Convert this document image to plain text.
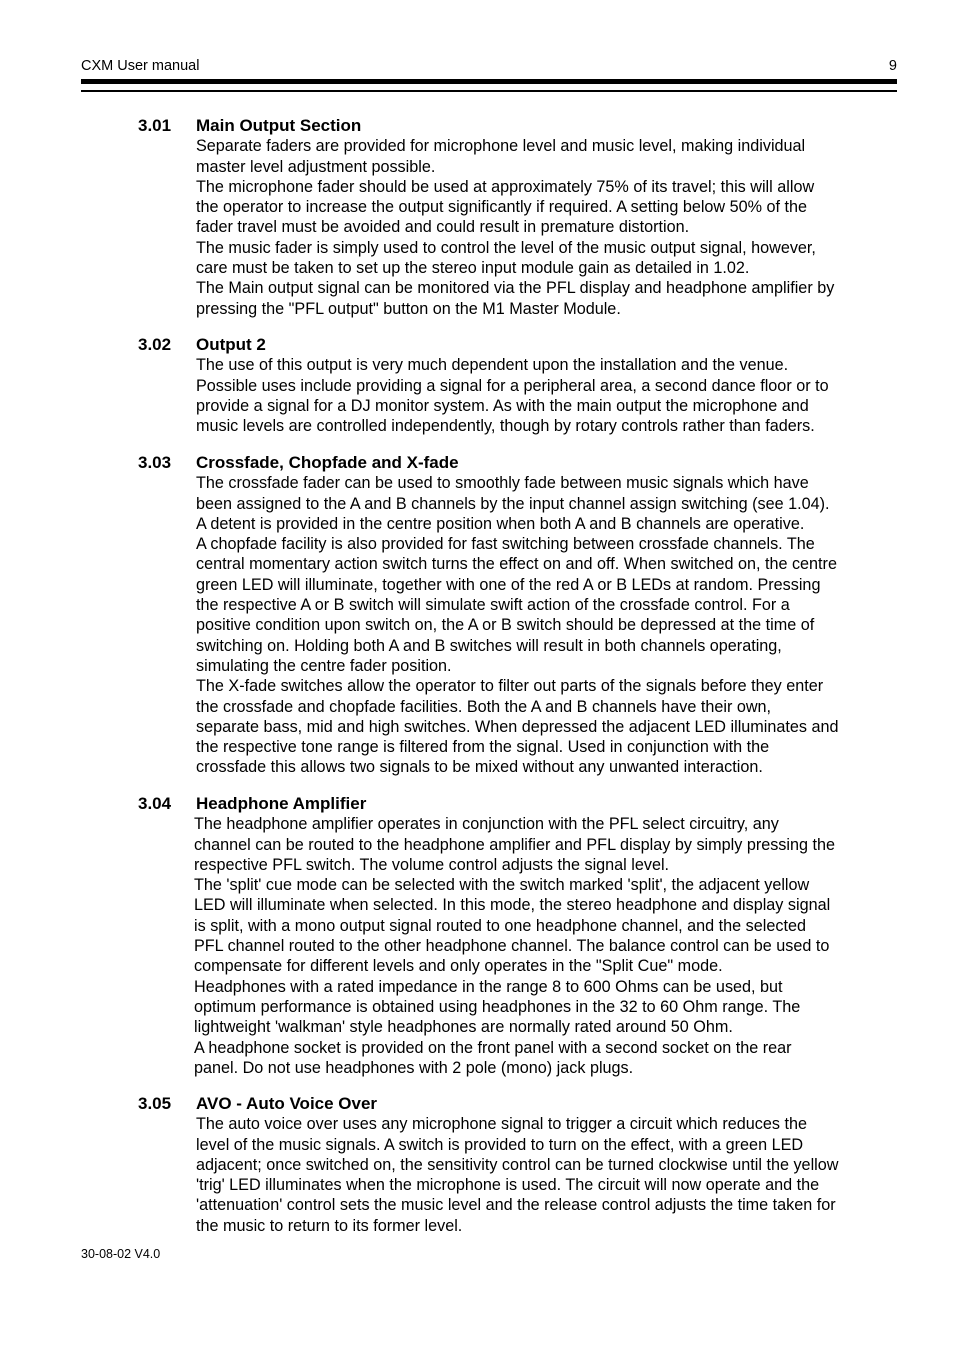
CXM User manual	9
3.01 Main Output Section
Separate faders are provided for microphone level and music level, making individual
master level adjustment possible.
The microphone fader should be used at approximately 75% of its travel; this will allow
the operator to increase the output significantly if required. A setting below 50% of the
fader travel must be avoided and could result in premature distortion.
The music fader is simply used to control the level of the music output signal, however,
care must be taken to set up the stereo input module gain as detailed in 1.02.
The Main output signal can be monitored via the PFL display and headphone amplifier by
pressing the "PFL output" button on the M1 Master Module.
3.02 Output 2
The use of this output is very much dependent upon the installation and the venue.
Possible uses include providing a signal for a peripheral area, a second dance floor or to
provide a signal for a DJ monitor system. As with the main output the microphone and
music levels are controlled independently, though by rotary controls rather than faders.
3.03 Crossfade, Chopfade and X-fade
The crossfade fader can be used to smoothly fade between music signals which have
been assigned to the A and B channels by the input channel assign switching (see 1.04).
A detent is provided in the centre position when both A and B channels are operative.
A chopfade facility is also provided for fast switching between crossfade channels. The
central momentary action switch turns the effect on and off. When switched on, the centre
green LED will illuminate, together with one of the red A or B LEDs at random. Pressing
the respective A or B switch will simulate swift action of the crossfade control. For a
positive condition upon switch on, the A or B switch should be depressed at the time of
switching on. Holding both A and B switches will result in both channels operating,
simulating the centre fader position.
The X-fade switches allow the operator to filter out parts of the signals before they enter
the crossfade and chopfade facilities. Both the A and B channels have their own,
separate bass, mid and high switches. When depressed the adjacent LED illuminates and
the respective tone range is filtered from the signal. Used in conjunction with the
crossfade this allows two signals to be mixed without any unwanted interaction.
3.04 Headphone Amplifier
The headphone amplifier operates in conjunction with the PFL select circuitry, any
channel can be routed to the headphone amplifier and PFL display by simply pressing the
respective PFL switch. The volume control adjusts the signal level.
The 'split' cue mode can be selected with the switch marked 'split', the adjacent yellow
LED will illuminate when selected. In this mode, the stereo headphone and display signal
is split, with a mono output signal routed to one headphone channel, and the selected
PFL channel routed to the other headphone channel. The balance control can be used to
compensate for different levels and only operates in the "Split Cue" mode.
Headphones with a rated impedance in the range 8 to 600 Ohms can be used, but
optimum performance is obtained using headphones in the 32 to 60 Ohm range. The
lightweight 'walkman' style headphones are normally rated around 50 Ohm.
A headphone socket is provided on the front panel with a second socket on the rear
panel. Do not use headphones with 2 pole (mono) jack plugs.
3.05 AVO - Auto Voice Over
The auto voice over uses any microphone signal to trigger a circuit which reduces the
level of the music signals. A switch is provided to turn on the effect, with a green LED
adjacent; once switched on, the sensitivity control can be turned clockwise until the yellow
'trig' LED illuminates when the microphone is used. The circuit will now operate and the
'attenuation' control sets the music level and the release control adjusts the time taken for
the music to return to its former level.
30-08-02 V4.0
